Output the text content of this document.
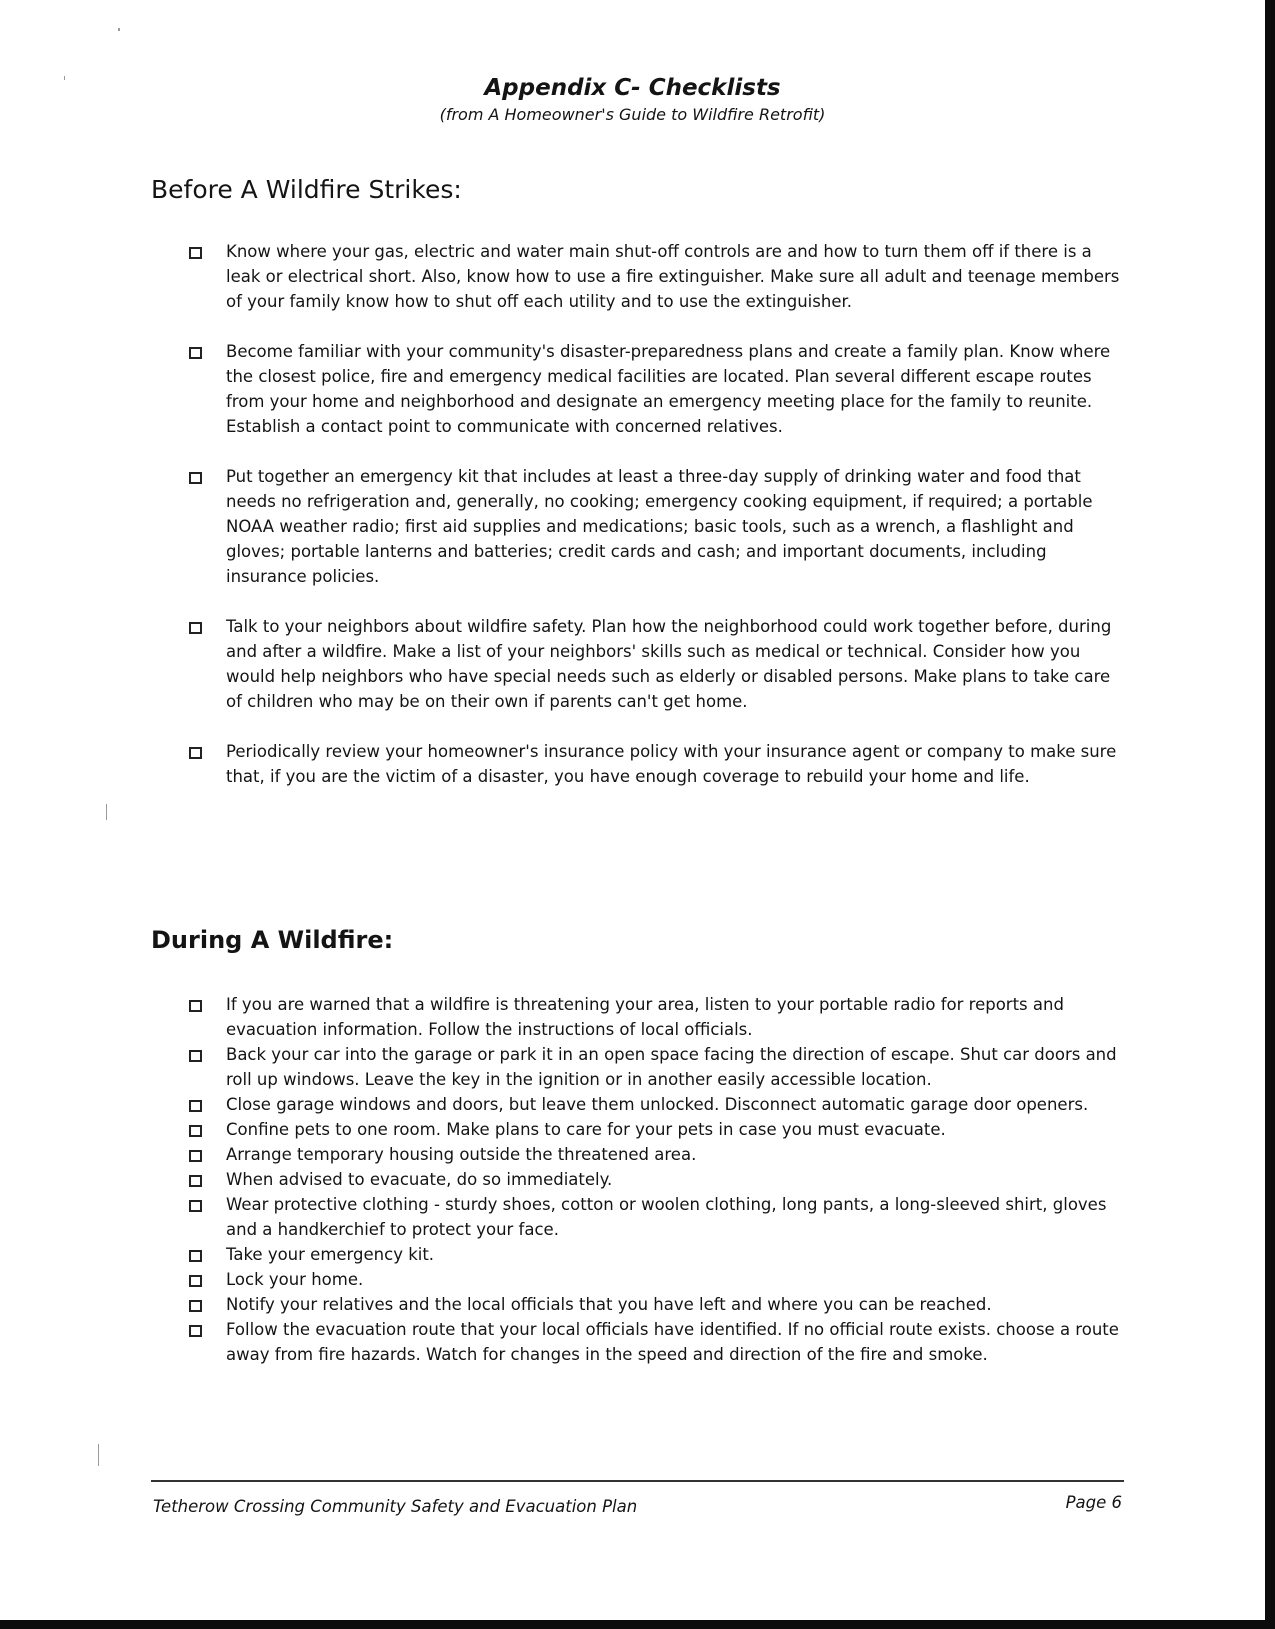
Appendix C- Checklists
(from A Homeowner's Guide to Wildfire Retrofit)
Before A Wildfire Strikes:
Know where your gas, electric and water main shut-off controls are and how to turn them off if there is a leak or electrical short. Also, know how to use a fire extinguisher. Make sure all adult and teenage members of your family know how to shut off each utility and to use the extinguisher.
Become familiar with your community's disaster-preparedness plans and create a family plan. Know where the closest police, fire and emergency medical facilities are located. Plan several different escape routes from your home and neighborhood and designate an emergency meeting place for the family to reunite. Establish a contact point to communicate with concerned relatives.
Put together an emergency kit that includes at least a three-day supply of drinking water and food that needs no refrigeration and, generally, no cooking; emergency cooking equipment, if required; a portable NOAA weather radio; first aid supplies and medications; basic tools, such as a wrench, a flashlight and gloves; portable lanterns and batteries; credit cards and cash; and important documents, including insurance policies.
Talk to your neighbors about wildfire safety. Plan how the neighborhood could work together before, during and after a wildfire. Make a list of your neighbors' skills such as medical or technical. Consider how you would help neighbors who have special needs such as elderly or disabled persons. Make plans to take care of children who may be on their own if parents can't get home.
Periodically review your homeowner's insurance policy with your insurance agent or company to make sure that, if you are the victim of a disaster, you have enough coverage to rebuild your home and life.
During A Wildfire:
If you are warned that a wildfire is threatening your area, listen to your portable radio for reports and evacuation information. Follow the instructions of local officials.
Back your car into the garage or park it in an open space facing the direction of escape. Shut car doors and roll up windows. Leave the key in the ignition or in another easily accessible location.
Close garage windows and doors, but leave them unlocked. Disconnect automatic garage door openers.
Confine pets to one room. Make plans to care for your pets in case you must evacuate.
Arrange temporary housing outside the threatened area.
When advised to evacuate, do so immediately.
Wear protective clothing - sturdy shoes, cotton or woolen clothing, long pants, a long-sleeved shirt, gloves and a handkerchief to protect your face.
Take your emergency kit.
Lock your home.
Notify your relatives and the local officials that you have left and where you can be reached.
Follow the evacuation route that your local officials have identified. If no official route exists. choose a route away from fire hazards. Watch for changes in the speed and direction of the fire and smoke.
Tetherow Crossing Community Safety and Evacuation Plan	Page 6
